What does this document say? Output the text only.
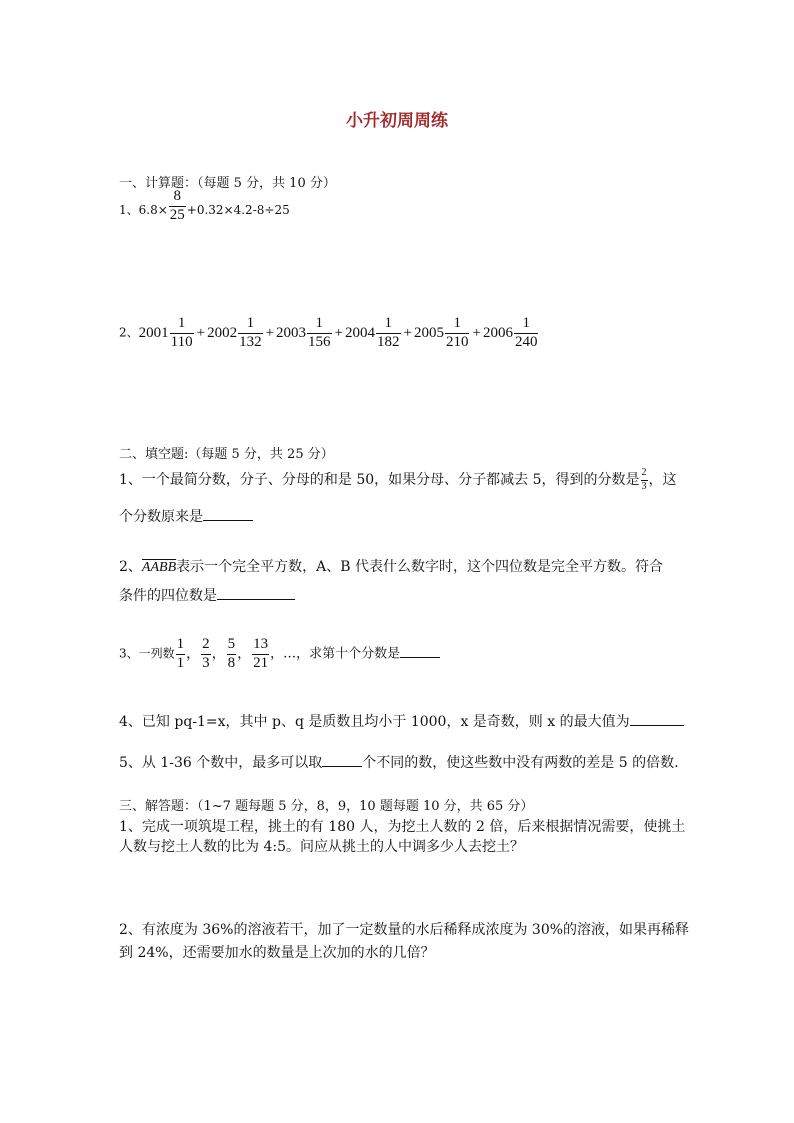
小升初周周练
一、计算题：（每题 5 分，共 10 分）
1、$6.8\times \frac{8}{25} +0.32\times 4.2-8\div 25$
2、$2001 \frac{1}{110} + 2002 \frac{1}{132} + 2003 \frac{1}{156} + 2004 \frac{1}{182} + 2005 \frac{1}{210} + 2006 \frac{1}{240}$
二、填空题:（每题 5 分，共 25 分）
1、一个最简分数，分子、分母的和是 50，如果分母、分子都减去 5，得到的分数是 $\frac{2}{3}$ ，这
个分数原来是
2、AABB表示一个完全平方数，A、B 代表什么数字时，这个四位数是完全平方数。符合
条件的四位数是
3、一列数 $\frac{1}{1}$ ， $\frac{2}{3}$ ， $\frac{5}{8}$ ， $\frac{13}{21}$ ，…，求第十个分数是
4、已知 pq-1=x，其中 p、q 是质数且均小于 1000，x 是奇数，则 x 的最大值为
5、从 1-36 个数中，最多可以取	个不同的数，使这些数中没有两数的差是 5 的倍数.
三、解答题：（1~7 题每题 5 分，8，9，10 题每题 10 分，共 65 分）
1、完成一项筑堤工程，挑土的有 180 人，为挖土人数的 2 倍，后来根据情况需要，使挑土
人数与挖土人数的比为 4:5。问应从挑土的人中调多少人去挖土？
2、有浓度为 36%的溶液若干，加了一定数量的水后稀释成浓度为 30%的溶液，如果再稀释
到 24%，还需要加水的数量是上次加的水的几倍？
